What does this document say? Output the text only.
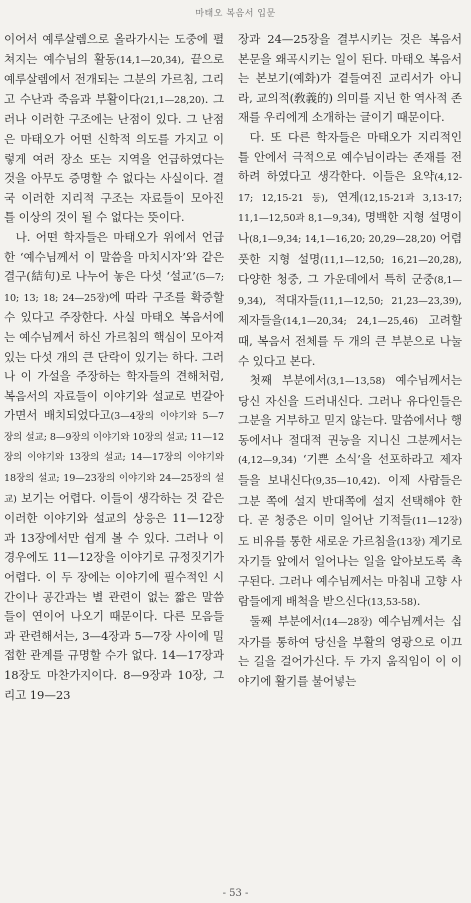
마태오 복음서 입문

이어서 예루살렘으로 올라가시는 도중에 펼쳐지는 예수님의 활동(14,1—20,34), 끝으로 예루살렘에서 전개되는 그분의 가르침, 그리고 수난과 죽음과 부활이다(21,1—28,20). 그러나 이러한 구조에는 난점이 있다. 그 난점은 마태오가 어떤 신학적 의도를 가지고 이렇게 여러 장소 또는 지역을 언급하였다는 것을 아무도 증명할 수 없다는 사실이다. 결국 이러한 지리적 구조는 자료들이 모아진 틀 이상의 것이 될 수 없다는 뜻이다.

나. 어떤 학자들은 마태오가 위에서 언급한 ‘예수님께서 이 말씀을 마치시자’와 같은 결구(結句)로 나누어 놓은 다섯 ‘설교’(5—7; 10; 13; 18; 24—25장)에 따라 구조를 확증할 수 있다고 주장한다. 사실 마태오 복음서에는 예수님께서 하신 가르침의 핵심이 모아져 있는 다섯 개의 큰 단락이 있기는 하다. 그러나 이 가설을 주장하는 학자들의 견해처럼, 복음서의 자료들이 이야기와 설교로 번갈아 가면서 배치되었다고(3—4장의 이야기와 5—7장의 설교; 8—9장의 이야기와 10장의 설교; 11—12장의 이야기와 13장의 설교; 14—17장의 이야기와 18장의 설교; 19—23장의 이야기와 24—25장의 설교) 보기는 어렵다. 이들이 생각하는 것 같은 이러한 이야기와 설교의 상응은 11—12장과 13장에서만 쉽게 볼 수 있다. 그러나 이 경우에도 11—12장을 이야기로 규정짓기가 어렵다. 이 두 장에는 이야기에 필수적인 시간이나 공간과는 별 관련이 없는 짧은 말씀들이 연이어 나오기 때문이다. 다른 모음들과 관련해서는, 3—4장과 5—7장 사이에 밀접한 관계를 규명할 수가 없다. 14—17장과 18장도 마찬가지이다. 8—9장과 10장, 그리고 19—23

장과 24—25장을 결부시키는 것은 복음서 본문을 왜곡시키는 일이 된다. 마태오 복음서는 본보기(예화)가 곁들여진 교리서가 아니라, 교의적(敎義的) 의미를 지닌 한 역사적 존재를 우리에게 소개하는 글이기 때문이다.

다. 또 다른 학자들은 마태오가 지리적인 틀 안에서 극적으로 예수님이라는 존재를 전하려 하였다고 생각한다. 이들은 요약(4,12-17; 12,15-21 등), 연계(12,15-21과 3,13-17; 11,1—12,50과 8,1—9,34), 명백한 지형 설명이나(8,1—9,34; 14,1—16,20; 20,29—28,20) 어렴풋한 지형 설명(11,1—12,50; 16,21—20,28), 다양한 청중, 그 가운데에서 특히 군중(8,1—9,34), 적대자들(11,1—12,50; 21,23—23,39), 제자들을(14,1—20,34; 24,1—25,46) 고려할 때, 복음서 전체를 두 개의 큰 부분으로 나눌 수 있다고 본다.

첫째 부분에서(3,1—13,58) 예수님께서는 당신 자신을 드러내신다. 그러나 유다인들은 그분을 거부하고 믿지 않는다. 말씀에서나 행동에서나 절대적 권능을 지니신 그분께서는(4,12—9,34) ‘기쁜 소식’을 선포하라고 제자들을 보내신다(9,35—10,42). 이제 사람들은 그분 쪽에 설지 반대쪽에 설지 선택해야 한다. 곧 청중은 이미 일어난 기적들(11—12장)도 비유를 통한 새로운 가르침을(13장) 계기로 자기들 앞에서 일어나는 일을 알아보도록 촉구된다. 그러나 예수님께서는 마침내 고향 사람들에게 배척을 받으신다(13,53-58).

둘째 부분에서(14—28장) 예수님께서는 십자가를 통하여 당신을 부활의 영광으로 이끄는 길을 걸어가신다. 두 가지 움직임이 이 이야기에 활기를 불어넣는

- 53 -
